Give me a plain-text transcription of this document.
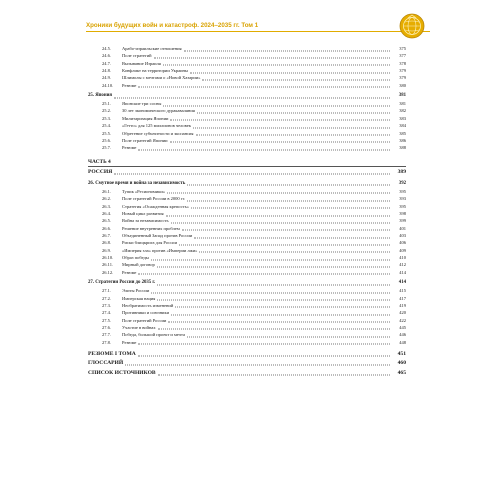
Хроники будущих войн и катастроф. 2024–2035 гг. Том 1
24.5. Арабо-израильские отношения	375
24.6. Поле стратегий	377
24.7. Вызывание Израиля	378
24.8. Конфликт на территории Украины	379
24.9. Шлимолы с мечтами о «Новой Хазарии»	379
24.10. Резюме	380
25. Япония	381
25.1. Японские три сосны	381
25.2. 30 лет экономического дуракаваляния	382
25.3. Милитаризация Японии	383
25.4. «Гетто» для 125 миллионов человек	384
25.5. Обретение субъектности и экспансия	385
25.6. Поле стратегий Японии	386
25.7. Резюме	388
ЧАСТЬ 4
РОССИЯ	389
26. Смутное время и война за независимость	392
26.1. Тупик «Ресиономики»	395
26.2. Поле стратегий России в 2000 гг.	393
26.3. Стратегия «Осажденная крепость»	395
26.4. Новый цикл развития	398
26.5. Война за независимость	399
26.6. Решение внутренних проблем	401
26.7. Объединенный Запад против России	403
26.8. Риски блицкрига для России	406
26.9. «Империя зла» против «Империи лжи»	409
26.10. Образ победы	410
26.11. Мирный договор	412
26.12. Резюме	414
27. Стратегии России до 2035 г.	414
27.1. Элиты России	415
27.2. Имперская нация	417
27.3. Необратимость изменений	419
27.4. Противники и союзники	420
27.5. Поле стратегий России	422
27.6. Участие в войнах	445
27.7. Победа, большой проект и мечта	446
27.8. Резюме	448
РЕЗЮМЕ I ТОМА	451
ГЛОССАРИЙ	460
СПИСОК ИСТОЧНИКОВ	465
